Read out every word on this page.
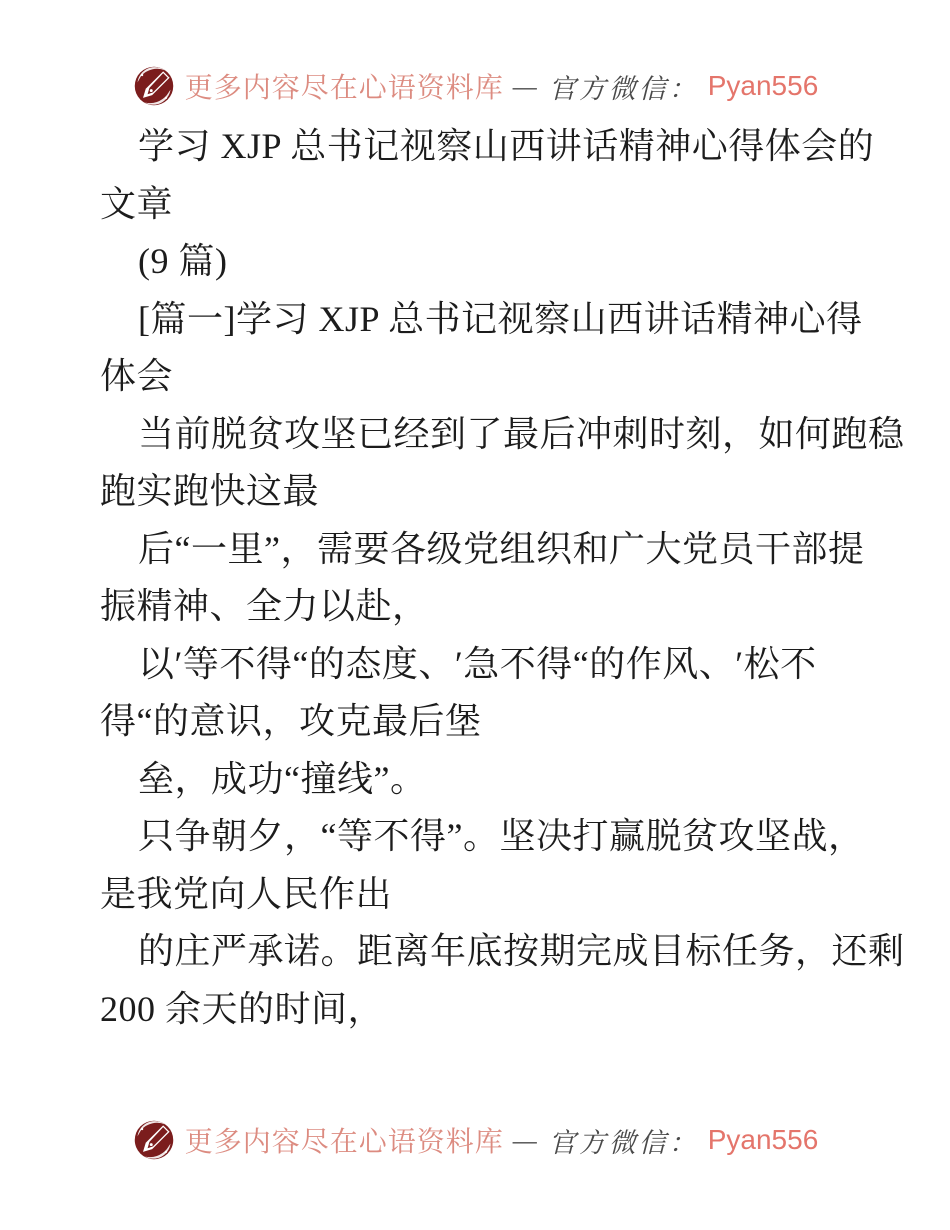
更多内容尽在心语资料库 — 官方微信： Pyan556
学习 XJP 总书记视察山西讲话精神心得体会的
文章
(9 篇)
[篇一]学习 XJP 总书记视察山西讲话精神心得
体会
当前脱贫攻坚已经到了最后冲刺时刻，如何跑稳
跑实跑快这最
后“一里”，需要各级党组织和广大党员干部提
振精神、全力以赴，
以′等不得“的态度、′急不得“的作风、′松不
得“的意识，攻克最后堡
垒，成功“撞线”。
只争朝夕，“等不得”。坚决打赢脱贫攻坚战，
是我党向人民作出
的庄严承诺。距离年底按期完成目标任务，还剩
200 余天的时间，
更多内容尽在心语资料库 — 官方微信： Pyan556
